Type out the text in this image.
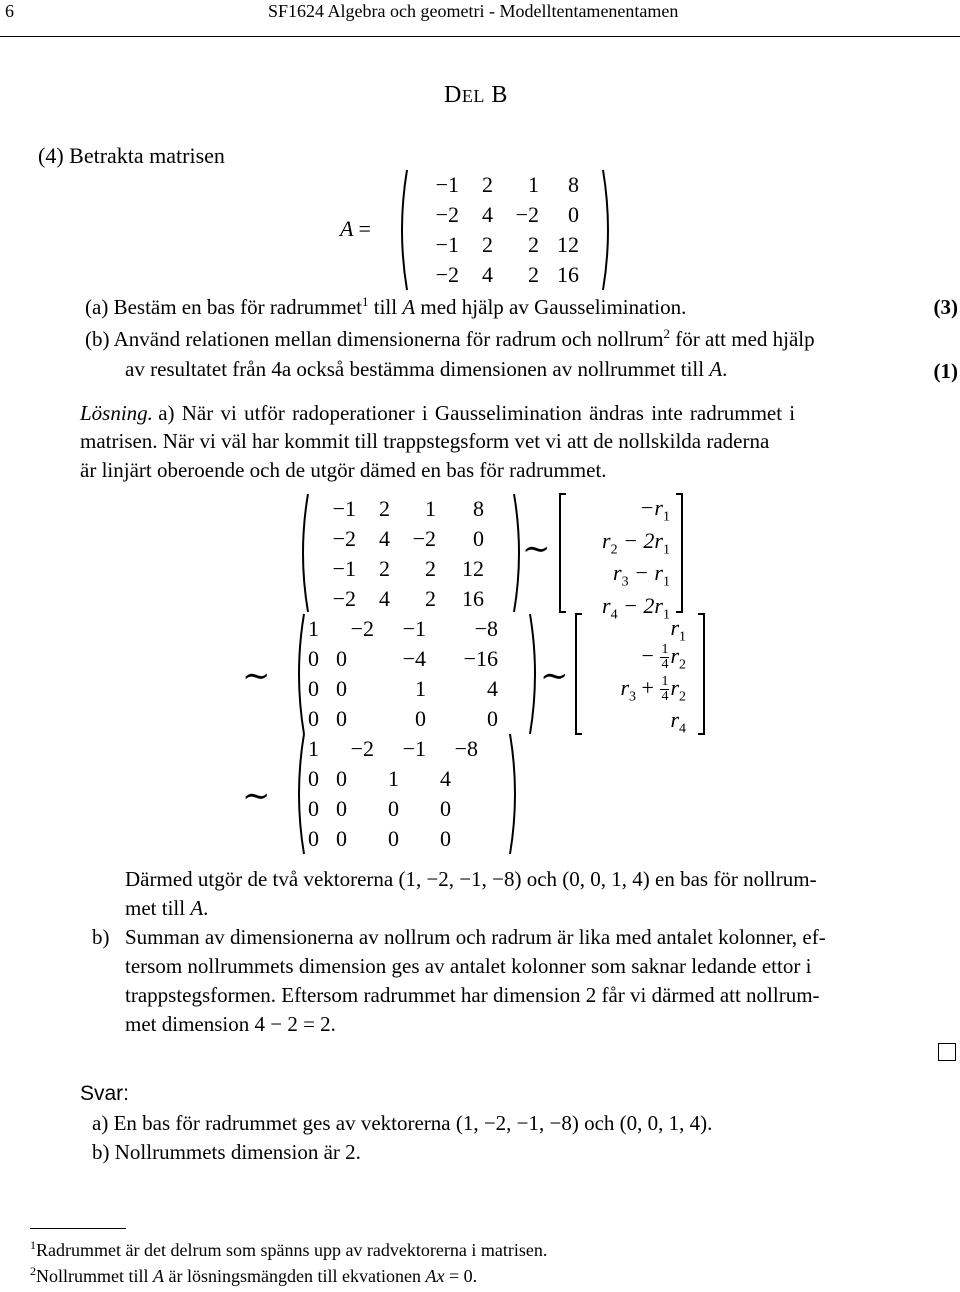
6	SF1624 Algebra och geometri - Modelltentamenentamen
DEL B
(4) Betrakta matrisen
A =
−1	2	1	8
−2	4	−2	0
−1	2	2	12
−2	4	2	16
(a) Bestäm en bas för radrummet$^1$ till A med hjälp av Gausselimination.	(3)
(b) Använd relationen mellan dimensionerna för radrum och nollrum$^2$ för att med hjälp
av resultatet från 4a också bestämma dimensionen av nollrummet till A.	(1)
Lösning. a) När vi utför radoperationer i Gausselimination ändras inte radrummet i
matrisen. När vi väl har kommit till trappstegsform vet vi att de nollskilda raderna
är linjärt oberoende och de utgör dämed en bas för radrummet.
−1	2	1	8
−2	4	−2	0
−1	2	2	12
−2	4	2	16
∼
$-r_1$
$r_2 - 2r_1$
$r_3 - r_1$
$r_4 - 2r_1$
∼
1	−2	−1	−8
0	0	−4	−16
0	0	1	4
0	0	0	0
∼
$r_1$
− $\frac{1}{4} r_2$
$r_3 + \frac{1}{4} r_2$
$r_4$
∼
1	−2	−1	−8
0	0	1	4
0	0	0	0
0	0	0	0
Därmed utgör de två vektorerna (1, −2, −1, −8) och (0, 0, 1, 4) en bas för nollrum-
met till A.
b) Summan av dimensionerna av nollrum och radrum är lika med antalet kolonner, ef-
tersom nollrummets dimension ges av antalet kolonner som saknar ledande ettor i
trappstegsformen. Eftersom radrummet har dimension 2 får vi därmed att nollrum-
met dimension 4 − 2 = 2.
Svar:
a) En bas för radrummet ges av vektorerna (1, −2, −1, −8) och (0, 0, 1, 4).
b) Nollrummets dimension är 2.
$^1$Radrummet är det delrum som spänns upp av radvektorerna i matrisen.
$^2$Nollrummet till A är lösningsmängden till ekvationen Ax = 0.
